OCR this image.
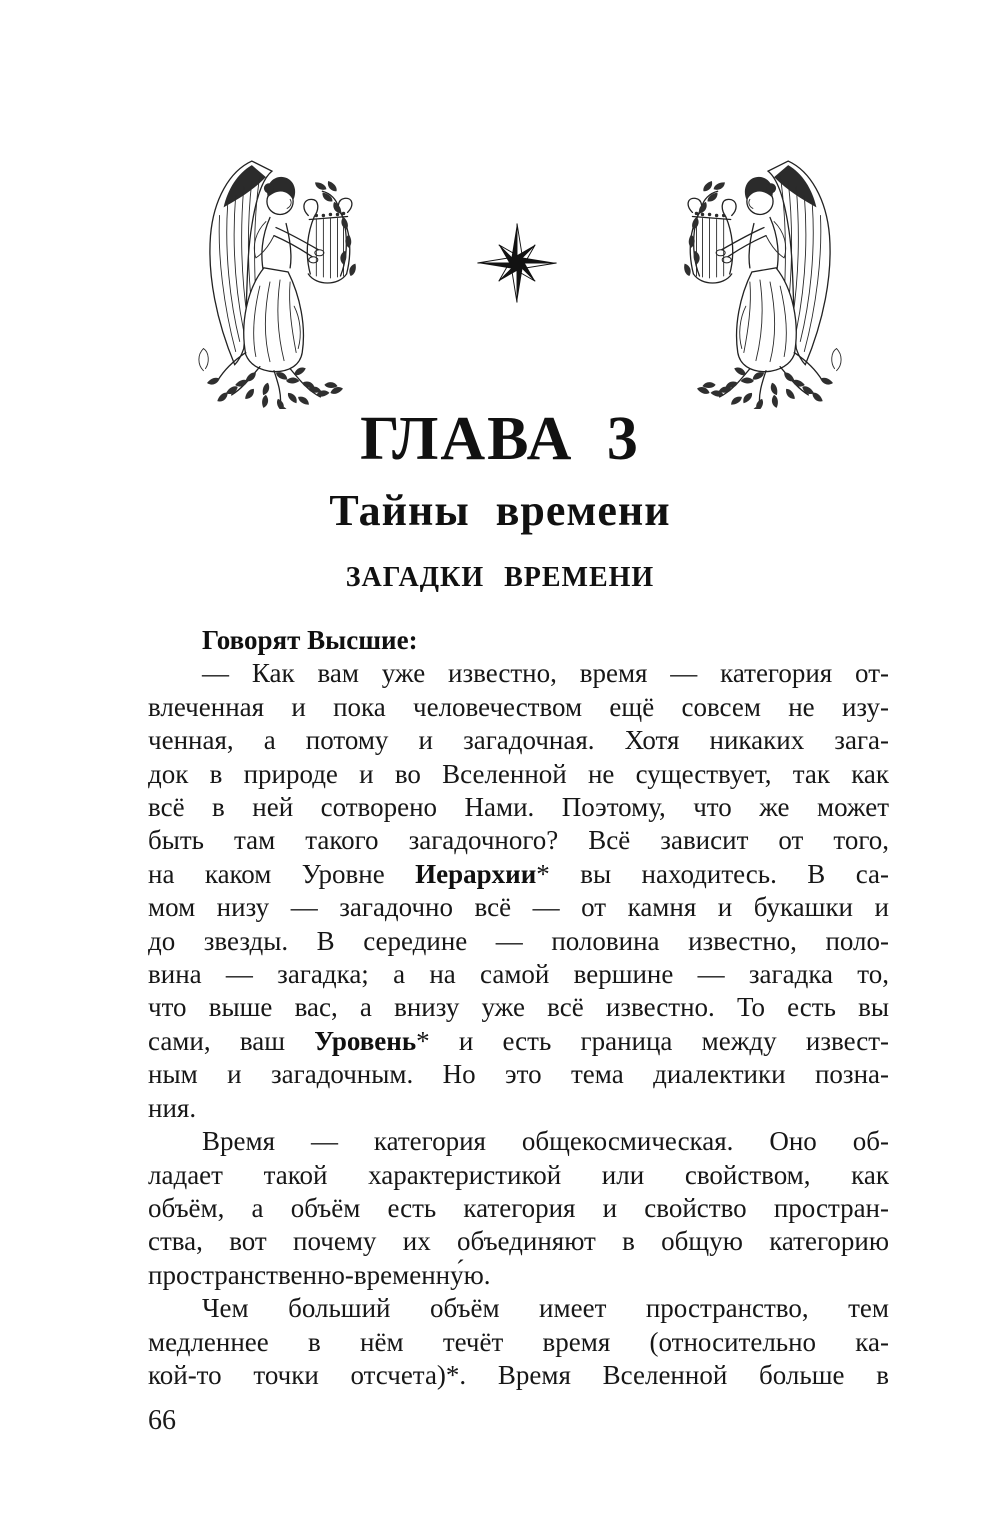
ГЛАВА 3
Тайны времени
ЗАГАДКИ ВРЕМЕНИ
Говорят Высшие:
— Как вам уже известно, время — категория от-
влеченная и пока человечеством ещё совсем не изу-
ченная, а потому и загадочная. Хотя никаких зага-
док в природе и во Вселенной не существует, так как
всё в ней сотворено Нами. Поэтому, что же может
быть там такого загадочного? Всё зависит от того,
на каком Уровне Иерархии* вы находитесь. В са-
мом низу — загадочно всё — от камня и букашки и
до звезды. В середине — половина известно, поло-
вина — загадка; а на самой вершине — загадка то,
что выше вас, а внизу уже всё известно. То есть вы
сами, ваш Уровень* и есть граница между извест-
ным и загадочным. Но это тема диалектики позна-
ния.
Время — категория общекосмическая. Оно об-
ладает такой характеристикой или свойством, как
объём, а объём есть категория и свойство простран-
ства, вот почему их объединяют в общую категорию
пространственно-временну́ю.
Чем больший объём имеет пространство, тем
медленнее в нём течёт время (относительно ка-
кой-то точки отсчета)*. Время Вселенной больше в
66
